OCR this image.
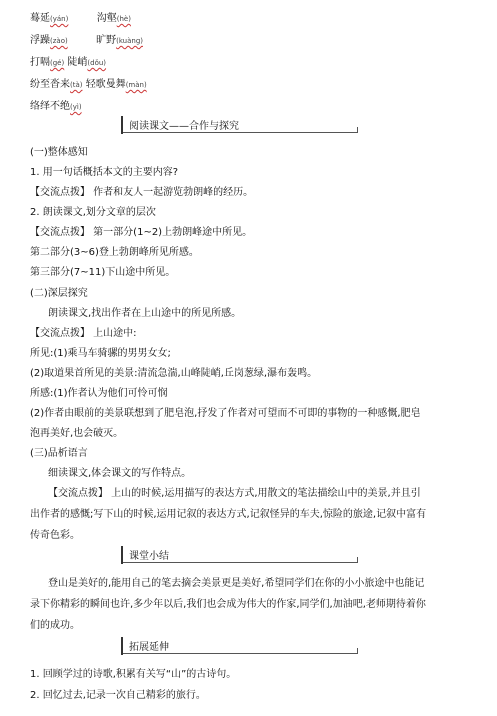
蓦延(yán)	沟壑(hè)
浮躁(zào)	旷野(kuàng)
打嗝(gé) 陡峭(dǒu)
纷至沓来(tà) 轻歌曼舞(màn)
络绎不绝(yì)
阅读课文——合作与探究
(一)整体感知
1. 用一句话概括本文的主要内容?
【交流点拨】 作者和友人一起游览勃朗峰的经历。
2. 朗读课文,划分文章的层次
【交流点拨】 第一部分(1~2)上勃朗峰途中所见。
第二部分(3~6)登上勃朗峰所见所感。
第三部分(7~11)下山途中所见。
(二)深层探究
朗读课文,找出作者在上山途中的所见所感。
【交流点拨】 上山途中:
所见:(1)乘马车骑骡的男男女女;
(2)取道果首所见的美景:清流急湍,山峰陡峭,丘岗葱绿,瀑布轰鸣。
所感:(1)作者认为他们可怜可悯
(2)作者由眼前的美景联想到了肥皂泡,抒发了作者对可望而不可即的事物的一种感慨,肥皂
泡再美好,也会破灭。
(三)品析语言
细读课文,体会课文的写作特点。
【交流点拨】 上山的时候,运用描写的表达方式,用散文的笔法描绘山中的美景,并且引
出作者的感慨;写下山的时候,运用记叙的表达方式,记叙怪异的车夫,惊险的旅途,记叙中富有
传奇色彩。
课堂小结
登山是美好的,能用自己的笔去摘会美景更是美好,希望同学们在你的小小旅途中也能记
录下你精彩的瞬间也许,多少年以后,我们也会成为伟大的作家,同学们,加油吧,老师期待着你
们的成功。
拓展延伸
1. 回顾学过的诗歌,积累有关写“山”的古诗句。
2. 回忆过去,记录一次自己精彩的旅行。
